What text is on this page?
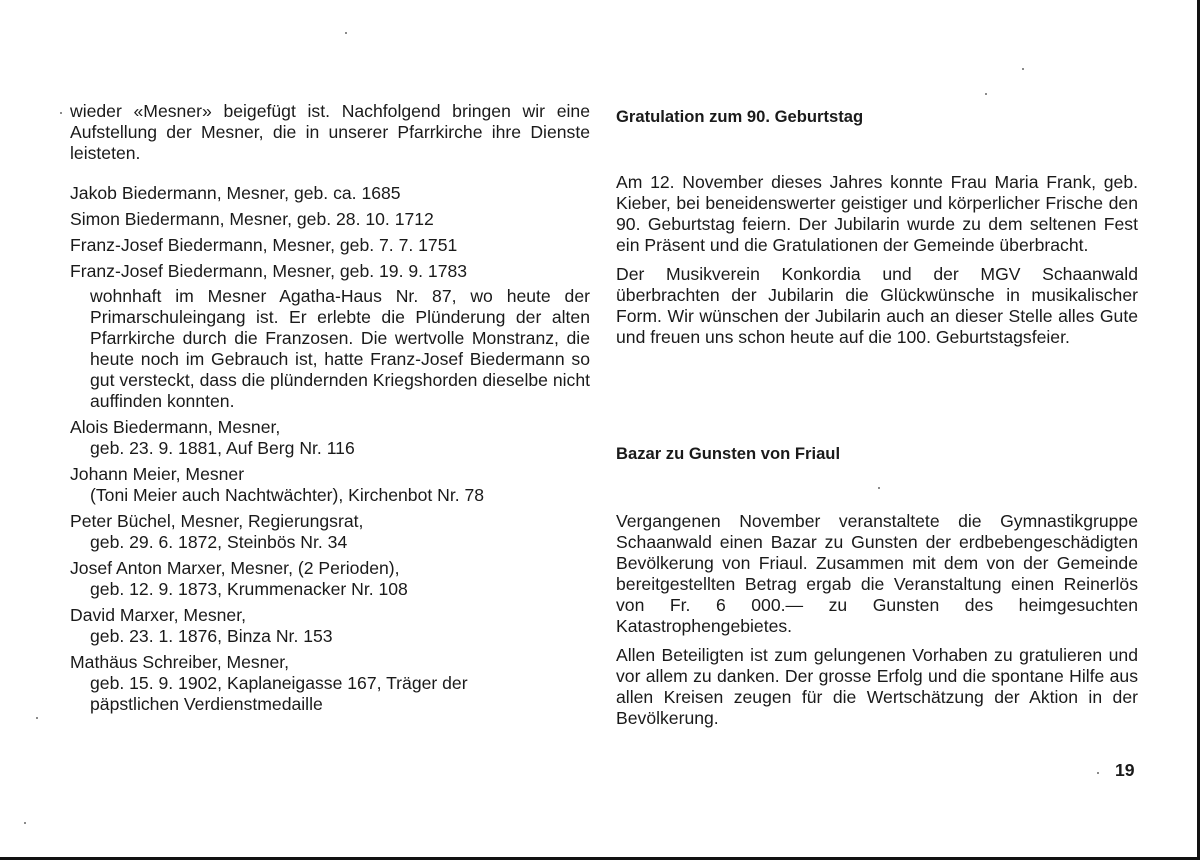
wieder «Mesner» beigefügt ist. Nachfolgend bringen wir eine Aufstellung der Mesner, die in unserer Pfarrkirche ihre Dienste leisteten.

Jakob Biedermann, Mesner, geb. ca. 1685

Simon Biedermann, Mesner, geb. 28. 10. 1712

Franz-Josef Biedermann, Mesner, geb. 7. 7. 1751

Franz-Josef Biedermann, Mesner, geb. 19. 9. 1783

wohnhaft im Mesner Agatha-Haus Nr. 87, wo heute der Primarschuleingang ist. Er erlebte die Plünderung der alten Pfarrkirche durch die Franzosen. Die wertvolle Monstranz, die heute noch im Gebrauch ist, hatte Franz-Josef Biedermann so gut versteckt, dass die plündernden Kriegshorden dieselbe nicht auffinden konnten.

Alois Biedermann, Mesner,

geb. 23. 9. 1881, Auf Berg Nr. 116

Johann Meier, Mesner

(Toni Meier auch Nachtwächter), Kirchenbot Nr. 78

Peter Büchel, Mesner, Regierungsrat,

geb. 29. 6. 1872, Steinbös Nr. 34

Josef Anton Marxer, Mesner, (2 Perioden),

geb. 12. 9. 1873, Krummenacker Nr. 108

David Marxer, Mesner,

geb. 23. 1. 1876, Binza Nr. 153

Mathäus Schreiber, Mesner,

geb. 15. 9. 1902, Kaplaneigasse 167, Träger der

päpstlichen Verdienstmedaille

Gratulation zum 90. Geburtstag

Am 12. November dieses Jahres konnte Frau Maria Frank, geb. Kieber, bei beneidenswerter geistiger und körperlicher Frische den 90. Geburtstag feiern. Der Jubilarin wurde zu dem seltenen Fest ein Präsent und die Gratulationen der Gemeinde überbracht.

Der Musikverein Konkordia und der MGV Schaanwald überbrachten der Jubilarin die Glückwünsche in musikalischer Form. Wir wünschen der Jubilarin auch an dieser Stelle alles Gute und freuen uns schon heute auf die 100. Geburtstagsfeier.

Bazar zu Gunsten von Friaul

Vergangenen November veranstaltete die Gymnastikgruppe Schaanwald einen Bazar zu Gunsten der erdbebengeschädigten Bevölkerung von Friaul. Zusammen mit dem von der Gemeinde bereitgestellten Betrag ergab die Veranstaltung einen Reinerlös von Fr. 6 000.— zu Gunsten des heimgesuchten Katastrophengebietes.

Allen Beteiligten ist zum gelungenen Vorhaben zu gratulieren und vor allem zu danken. Der grosse Erfolg und die spontane Hilfe aus allen Kreisen zeugen für die Wertschätzung der Aktion in der Bevölkerung.

19
